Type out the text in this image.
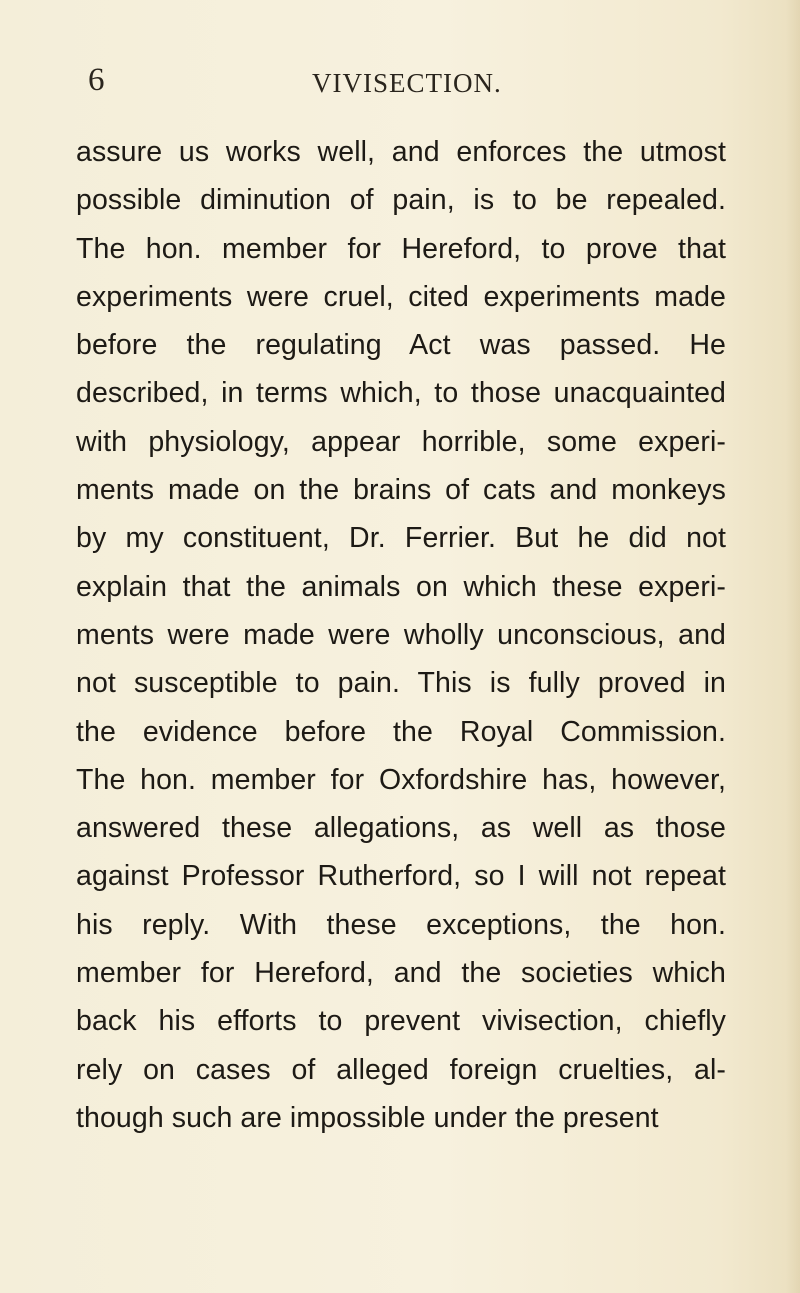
6	VIVISECTION.
assure us works well, and enforces the utmost
possible diminution of pain, is to be repealed.
The hon. member for Hereford, to prove that
experiments were cruel, cited experiments made
before the regulating Act was passed. He
described, in terms which, to those unacquainted
with physiology, appear horrible, some experi-
ments made on the brains of cats and monkeys
by my constituent, Dr. Ferrier. But he did not
explain that the animals on which these experi-
ments were made were wholly unconscious, and
not susceptible to pain. This is fully proved in
the evidence before the Royal Commission.
The hon. member for Oxfordshire has, however,
answered these allegations, as well as those
against Professor Rutherford, so I will not repeat
his reply. With these exceptions, the hon.
member for Hereford, and the societies which
back his efforts to prevent vivisection, chiefly
rely on cases of alleged foreign cruelties, al-
though such are impossible under the present
